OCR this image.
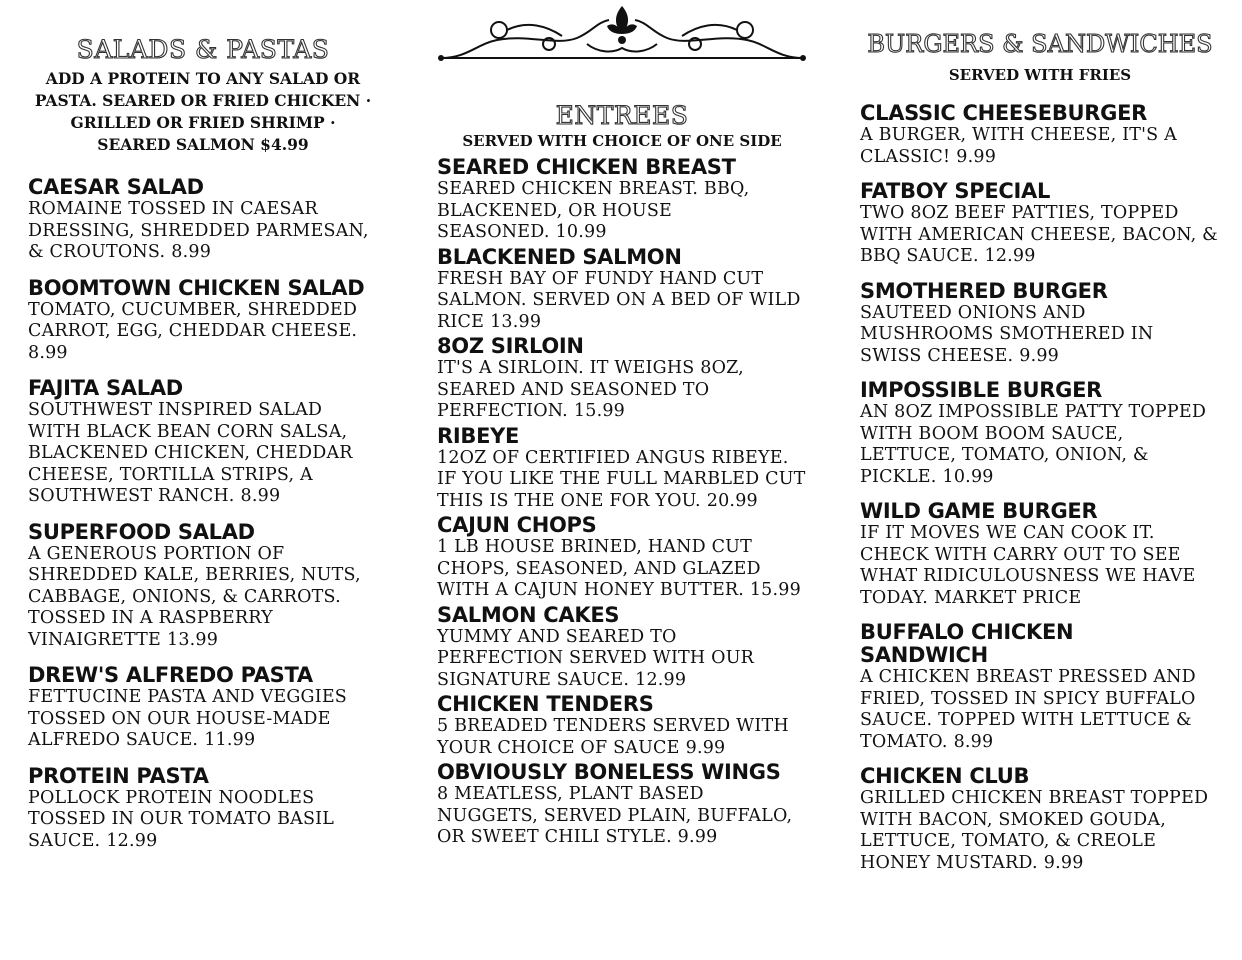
SALADS & PASTAS

ADD A PROTEIN TO ANY SALAD OR PASTA. SEARED OR FRIED CHICKEN · GRILLED OR FRIED SHRIMP · SEARED SALMON $4.99

CAESAR SALAD
ROMAINE TOSSED IN CAESAR DRESSING, SHREDDED PARMESAN, & CROUTONS. 8.99
BOOMTOWN CHICKEN SALAD
TOMATO, CUCUMBER, SHREDDED CARROT, EGG, CHEDDAR CHEESE. 8.99
FAJITA SALAD
SOUTHWEST INSPIRED SALAD WITH BLACK BEAN CORN SALSA, BLACKENED CHICKEN, CHEDDAR CHEESE, TORTILLA STRIPS, A SOUTHWEST RANCH. 8.99
SUPERFOOD SALAD
A GENEROUS PORTION OF SHREDDED KALE, BERRIES, NUTS, CABBAGE, ONIONS, & CARROTS. TOSSED IN A RASPBERRY VINAIGRETTE 13.99
DREW'S ALFREDO PASTA
FETTUCINE PASTA AND VEGGIES TOSSED ON OUR HOUSE-MADE ALFREDO SAUCE. 11.99
PROTEIN PASTA
POLLOCK PROTEIN NOODLES TOSSED IN OUR TOMATO BASIL SAUCE. 12.99
ENTREES

SERVED WITH CHOICE OF ONE SIDE

SEARED CHICKEN BREAST
SEARED CHICKEN BREAST. BBQ, BLACKENED, OR HOUSE SEASONED. 10.99
BLACKENED SALMON
FRESH BAY OF FUNDY HAND CUT SALMON. SERVED ON A BED OF WILD RICE 13.99
8OZ SIRLOIN
IT'S A SIRLOIN. IT WEIGHS 8OZ, SEARED AND SEASONED TO PERFECTION. 15.99
RIBEYE
12OZ OF CERTIFIED ANGUS RIBEYE. IF YOU LIKE THE FULL MARBLED CUT THIS IS THE ONE FOR YOU. 20.99
CAJUN CHOPS
1 LB HOUSE BRINED, HAND CUT CHOPS, SEASONED, AND GLAZED WITH A CAJUN HONEY BUTTER. 15.99
SALMON CAKES
YUMMY AND SEARED TO PERFECTION SERVED WITH OUR SIGNATURE SAUCE. 12.99
CHICKEN TENDERS
5 BREADED TENDERS SERVED WITH YOUR CHOICE OF SAUCE 9.99
OBVIOUSLY BONELESS WINGS
8 MEATLESS, PLANT BASED NUGGETS, SERVED PLAIN, BUFFALO, OR SWEET CHILI STYLE. 9.99
BURGERS & SANDWICHES

SERVED WITH FRIES

CLASSIC CHEESEBURGER
A BURGER, WITH CHEESE, IT'S A CLASSIC! 9.99
FATBOY SPECIAL
TWO 8OZ BEEF PATTIES, TOPPED WITH AMERICAN CHEESE, BACON, & BBQ SAUCE. 12.99
SMOTHERED BURGER
SAUTEED ONIONS AND MUSHROOMS SMOTHERED IN SWISS CHEESE. 9.99
IMPOSSIBLE BURGER
AN 8OZ IMPOSSIBLE PATTY TOPPED WITH BOOM BOOM SAUCE, LETTUCE, TOMATO, ONION, & PICKLE. 10.99
WILD GAME BURGER
IF IT MOVES WE CAN COOK IT. CHECK WITH CARRY OUT TO SEE WHAT RIDICULOUSNESS WE HAVE TODAY. MARKET PRICE
BUFFALO CHICKEN SANDWICH
A CHICKEN BREAST PRESSED AND FRIED, TOSSED IN SPICY BUFFALO SAUCE. TOPPED WITH LETTUCE & TOMATO. 8.99
CHICKEN CLUB
GRILLED CHICKEN BREAST TOPPED WITH BACON, SMOKED GOUDA, LETTUCE, TOMATO, & CREOLE HONEY MUSTARD. 9.99
